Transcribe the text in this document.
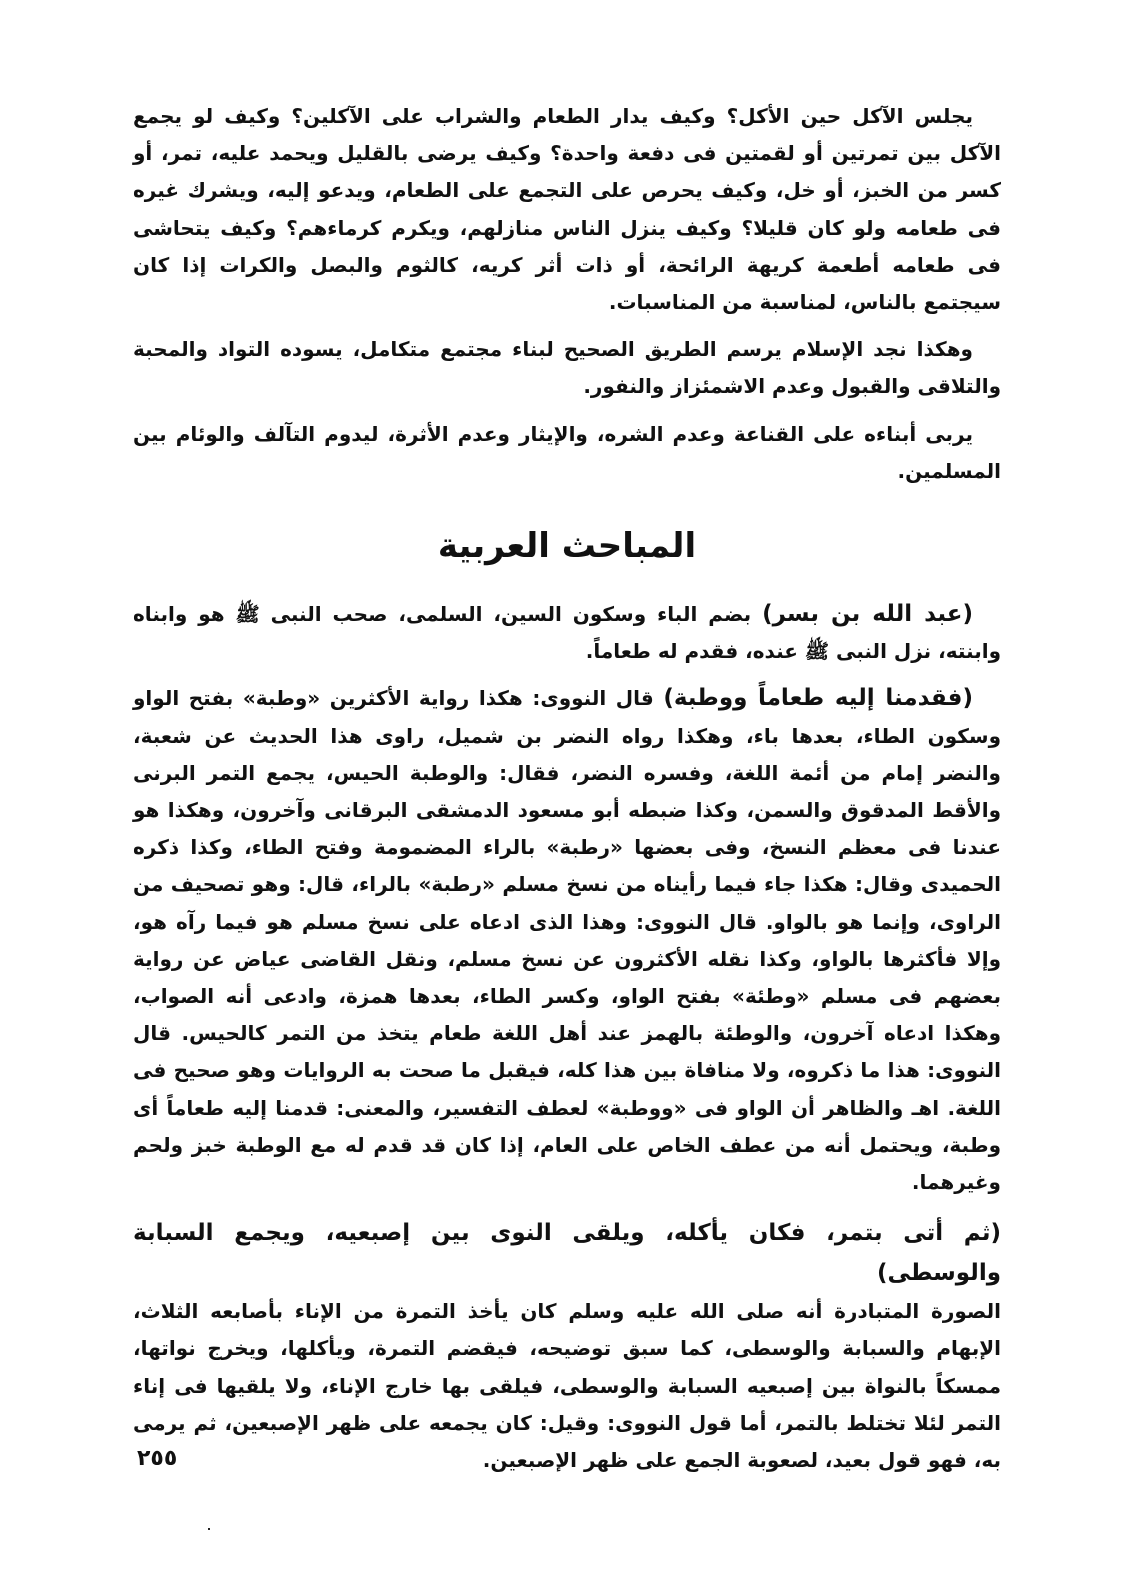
يجلس الآكل حين الأكل؟ وكيف يدار الطعام والشراب على الآكلين؟ وكيف لو يجمع الآكل بين تمرتين أو لقمتين فى دفعة واحدة؟ وكيف يرضى بالقليل ويحمد عليه، تمر، أو كسر من الخبز، أو خل، وكيف يحرص على التجمع على الطعام، ويدعو إليه، ويشرك غيره فى طعامه ولو كان قليلا؟ وكيف ينزل الناس منازلهم، ويكرم كرماءهم؟ وكيف يتحاشى فى طعامه أطعمة كريهة الرائحة، أو ذات أثر كريه، كالثوم والبصل والكرات إذا كان سيجتمع بالناس، لمناسبة من المناسبات.

وهكذا نجد الإسلام يرسم الطريق الصحيح لبناء مجتمع متكامل، يسوده التواد والمحبة والتلاقى والقبول وعدم الاشمئزاز والنفور.

يربى أبناءه على القناعة وعدم الشره، والإيثار وعدم الأثرة، ليدوم التآلف والوئام بين المسلمين.

المباحث العربية

(عبد الله بن بسر) بضم الباء وسكون السين، السلمى، صحب النبى ﷺ هو وابناه وابنته، نزل النبى ﷺ عنده، فقدم له طعاماً.

(فقدمنا إليه طعاماً ووطبة) قال النووى: هكذا رواية الأكثرين «وطبة» بفتح الواو وسكون الطاء، بعدها باء، وهكذا رواه النضر بن شميل، راوى هذا الحديث عن شعبة، والنضر إمام من أئمة اللغة، وفسره النضر، فقال: والوطبة الحيس، يجمع التمر البرنى والأقط المدقوق والسمن، وكذا ضبطه أبو مسعود الدمشقى البرقانى وآخرون، وهكذا هو عندنا فى معظم النسخ، وفى بعضها «رطبة» بالراء المضمومة وفتح الطاء، وكذا ذكره الحميدى وقال: هكذا جاء فيما رأيناه من نسخ مسلم «رطبة» بالراء، قال: وهو تصحيف من الراوى، وإنما هو بالواو. قال النووى: وهذا الذى ادعاه على نسخ مسلم هو فيما رآه هو، وإلا فأكثرها بالواو، وكذا نقله الأكثرون عن نسخ مسلم، ونقل القاضى عياض عن رواية بعضهم فى مسلم «وطئة» بفتح الواو، وكسر الطاء، بعدها همزة، وادعى أنه الصواب، وهكذا ادعاه آخرون، والوطئة بالهمز عند أهل اللغة طعام يتخذ من التمر كالحيس. قال النووى: هذا ما ذكروه، ولا منافاة بين هذا كله، فيقبل ما صحت به الروايات وهو صحيح فى اللغة. اهـ والظاهر أن الواو فى «ووطبة» لعطف التفسير، والمعنى: قدمنا إليه طعاماً أى وطبة، ويحتمل أنه من عطف الخاص على العام، إذا كان قد قدم له مع الوطبة خبز ولحم وغيرهما.

(ثم أتى بتمر، فكان يأكله، ويلقى النوى بين إصبعيه، ويجمع السبابة والوسطى)
الصورة المتبادرة أنه صلى الله عليه وسلم كان يأخذ التمرة من الإناء بأصابعه الثلاث، الإبهام والسبابة والوسطى، كما سبق توضيحه، فيقضم التمرة، ويأكلها، ويخرج نواتها، ممسكاً بالنواة بين إصبعيه السبابة والوسطى، فيلقى بها خارج الإناء، ولا يلقيها فى إناء التمر لئلا تختلط بالتمر، أما قول النووى: وقيل: كان يجمعه على ظهر الإصبعين، ثم يرمى به، فهو قول بعيد، لصعوبة الجمع على ظهر الإصبعين.
٢٥٥
